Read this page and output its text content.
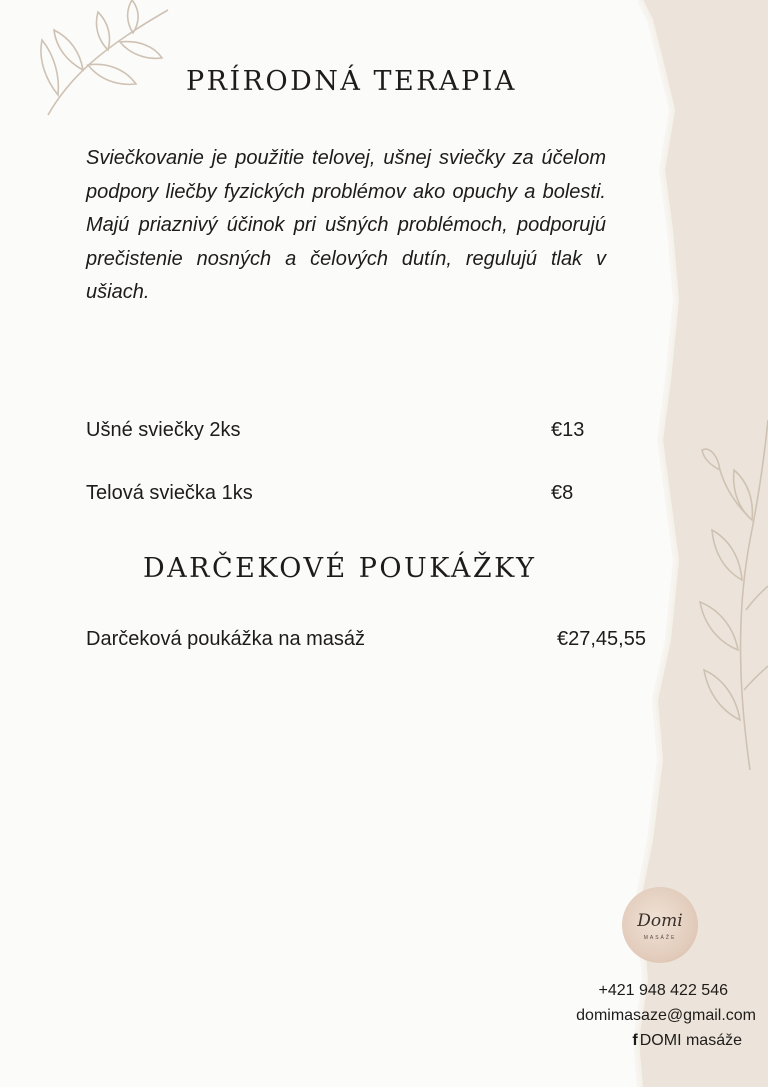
PRÍRODNÁ TERAPIA

Sviečkovanie je použitie telovej, ušnej sviečky za účelom podpory liečby fyzických problémov ako opuchy a bolesti. Majú priaznivý účinok pri ušných problémoch, podporujú prečistenie nosných a čelových dutín, regulujú tlak v ušiach.

Ušné sviečky 2ks	€13
Telová sviečka 1ks	€8
DARČEKOVÉ POUKÁŽKY
Darčeková poukážka na masáž	€27,45,55
Domi
MASÁŽE
+421 948 422 546
domimasaze@gmail.com
f DOMI masáže
